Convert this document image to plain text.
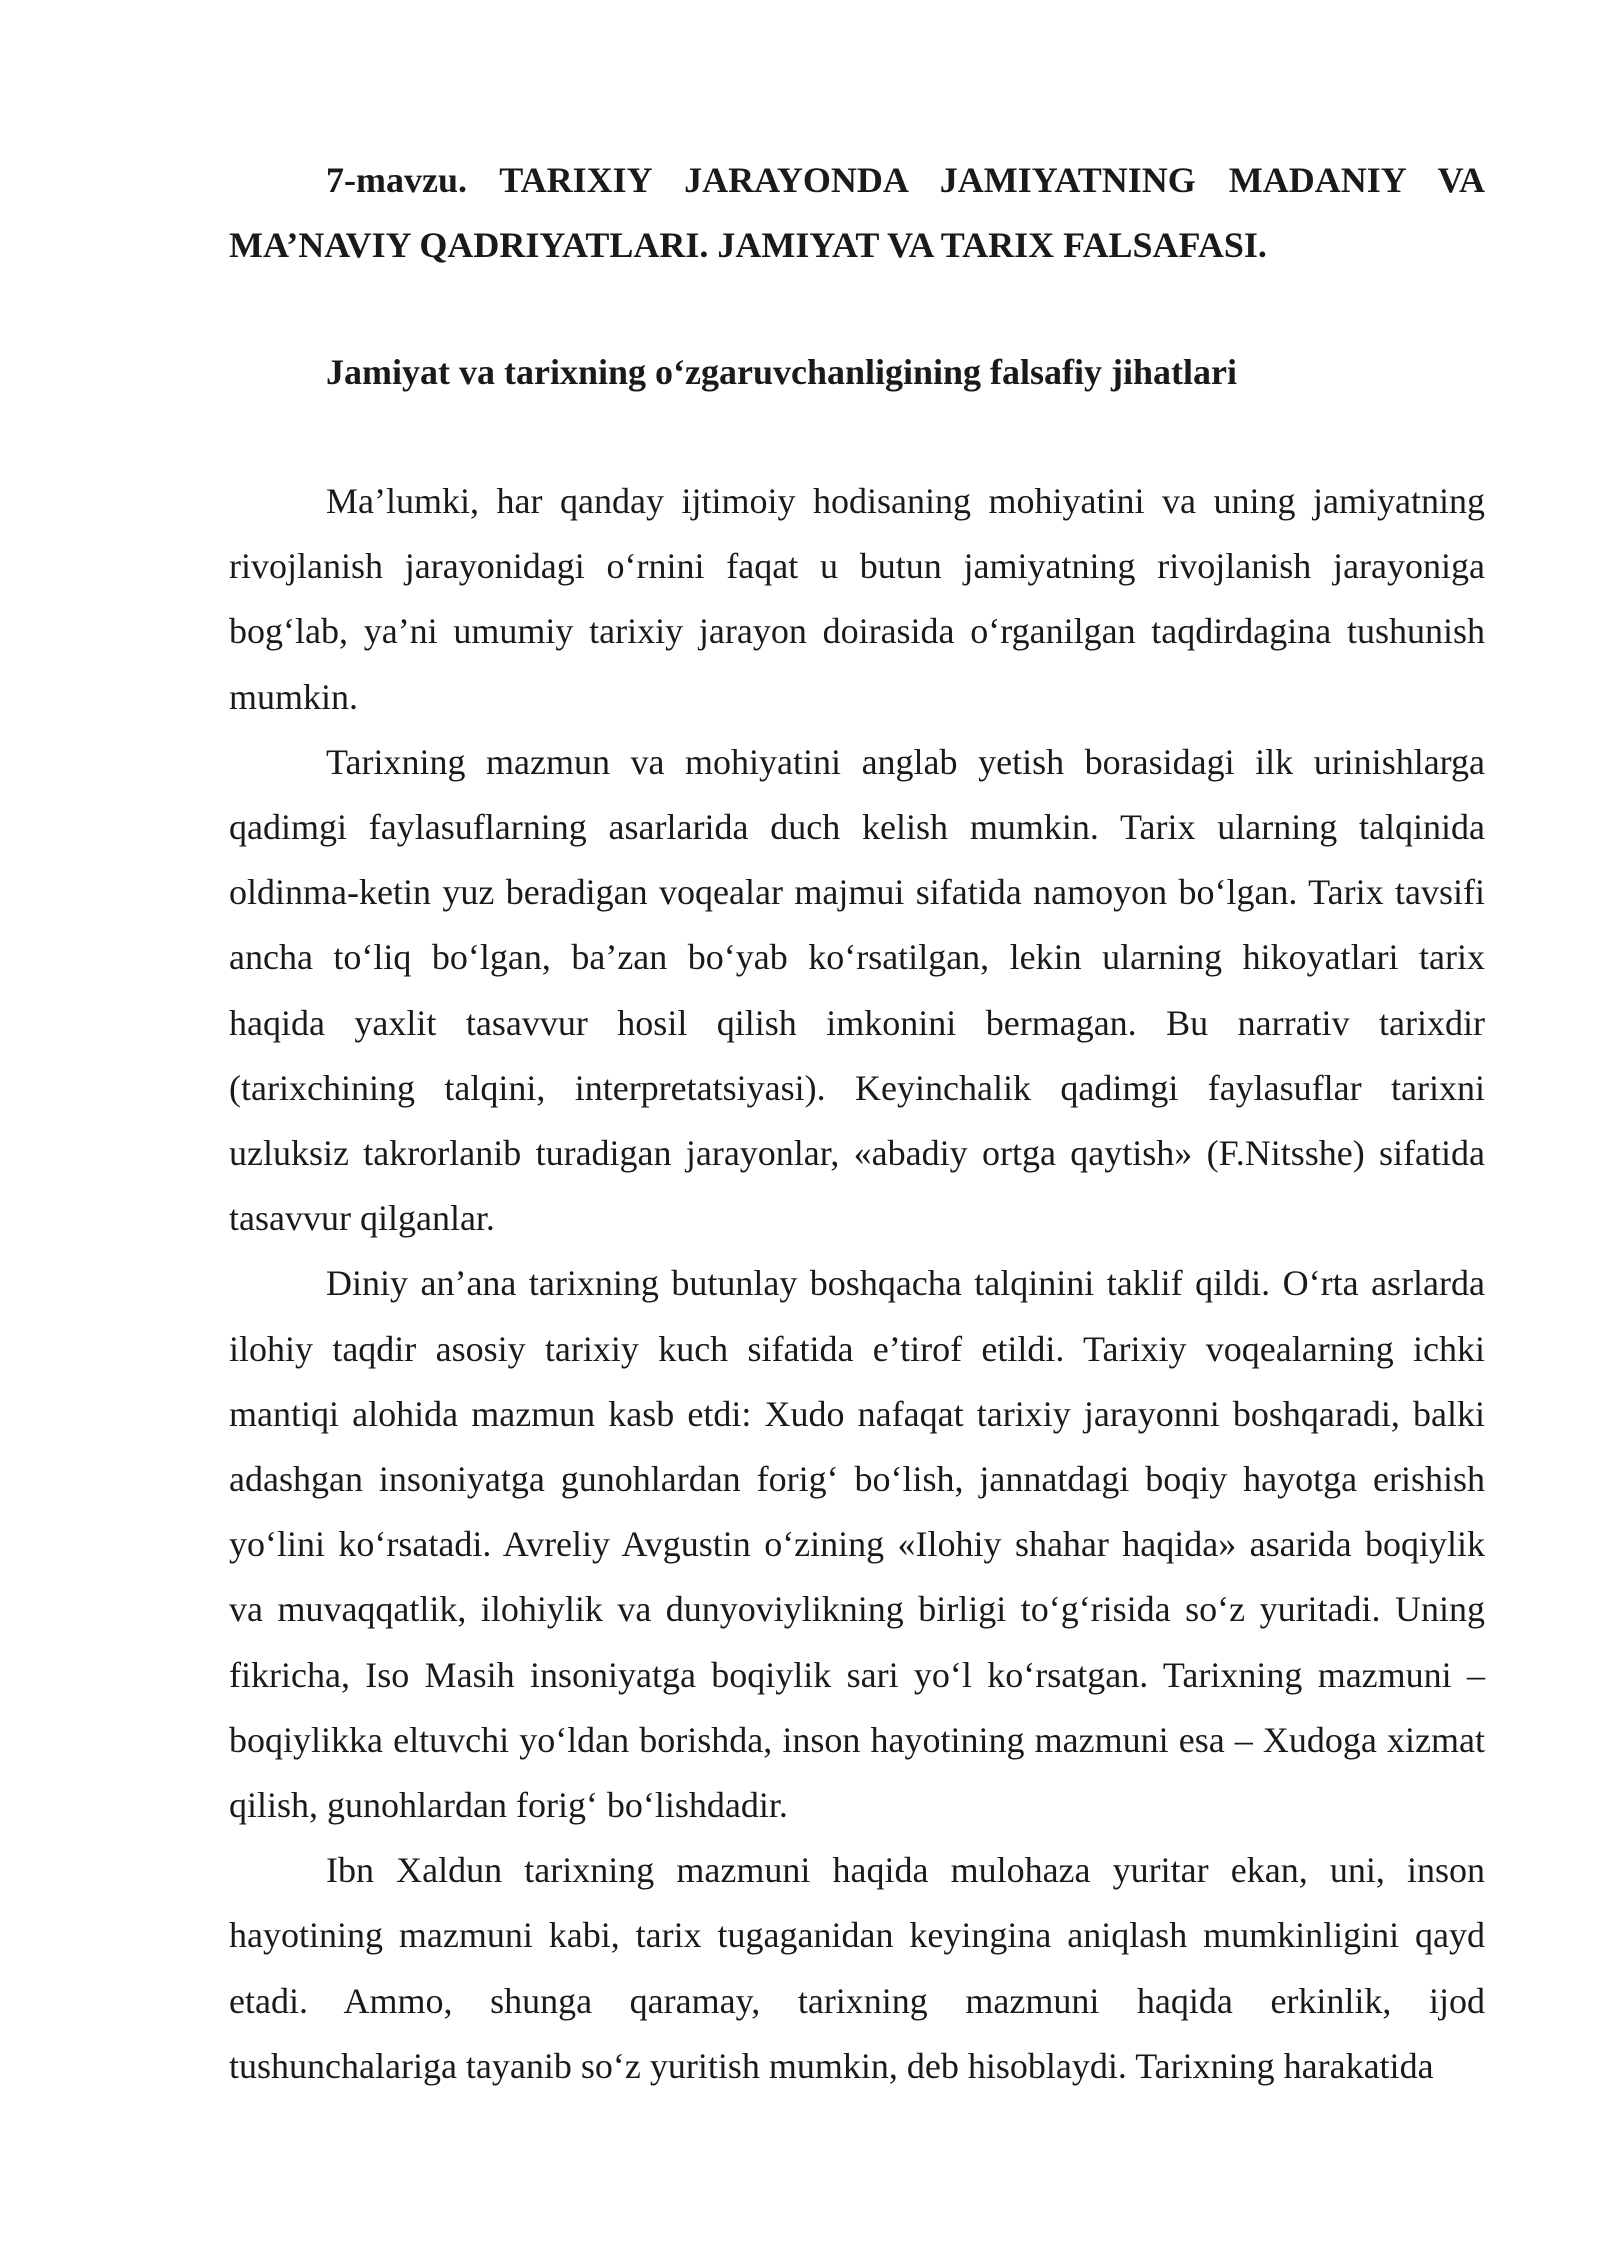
7-mavzu. TARIXIY JARAYONDA JAMIYATNING MADANIY VA MA’NAVIY QADRIYATLARI. JAMIYAT VA TARIX FALSAFASI.

Jamiyat va tarixning o‘zgaruvchanligining falsafiy jihatlari

Ma’lumki, har qanday ijtimoiy hodisaning mohiyatini va uning jamiyatning rivojlanish jarayonidagi o‘rnini faqat u butun jamiyatning rivojlanish jarayoniga bog‘lab, ya’ni umumiy tarixiy jarayon doirasida o‘rganilgan taqdirdagina tushunish mumkin.

Tarixning mazmun va mohiyatini anglab yetish borasidagi ilk urinishlarga qadimgi faylasuflarning asarlarida duch kelish mumkin. Tarix ularning talqinida oldinma-ketin yuz beradigan voqealar majmui sifatida namoyon bo‘lgan. Tarix tavsifi ancha to‘liq bo‘lgan, ba’zan bo‘yab ko‘rsatilgan, lekin ularning hikoyatlari tarix haqida yaxlit tasavvur hosil qilish imkonini bermagan. Bu narrativ tarixdir (tarixchining talqini, interpretatsiyasi). Keyinchalik qadimgi faylasuflar tarixni uzluksiz takrorlanib turadigan jarayonlar, «abadiy ortga qaytish» (F.Nitsshe) sifatida tasavvur qilganlar.

Diniy an’ana tarixning butunlay boshqacha talqinini taklif qildi. O‘rta asrlarda ilohiy taqdir asosiy tarixiy kuch sifatida e’tirof etildi. Tarixiy voqealarning ichki mantiqi alohida mazmun kasb etdi: Xudo nafaqat tarixiy jarayonni boshqaradi, balki adashgan insoniyatga gunohlardan forig‘ bo‘lish, jannatdagi boqiy hayotga erishish yo‘lini ko‘rsatadi. Avreliy Avgustin o‘zining «Ilohiy shahar haqida» asarida boqiylik va muvaqqatlik, ilohiylik va dunyoviylikning birligi to‘g‘risida so‘z yuritadi. Uning fikricha, Iso Masih insoniyatga boqiylik sari yo‘l ko‘rsatgan. Tarixning mazmuni – boqiylikka eltuvchi yo‘ldan borishda, inson hayotining mazmuni esa – Xudoga xizmat qilish, gunohlardan forig‘ bo‘lishdadir.

Ibn Xaldun tarixning mazmuni haqida mulohaza yuritar ekan, uni, inson hayotining mazmuni kabi, tarix tugaganidan keyingina aniqlash mumkinligini qayd etadi. Ammo, shunga qaramay, tarixning mazmuni haqida erkinlik, ijod tushunchalariga tayanib so‘z yuritish mumkin, deb hisoblaydi. Tarixning harakatida
